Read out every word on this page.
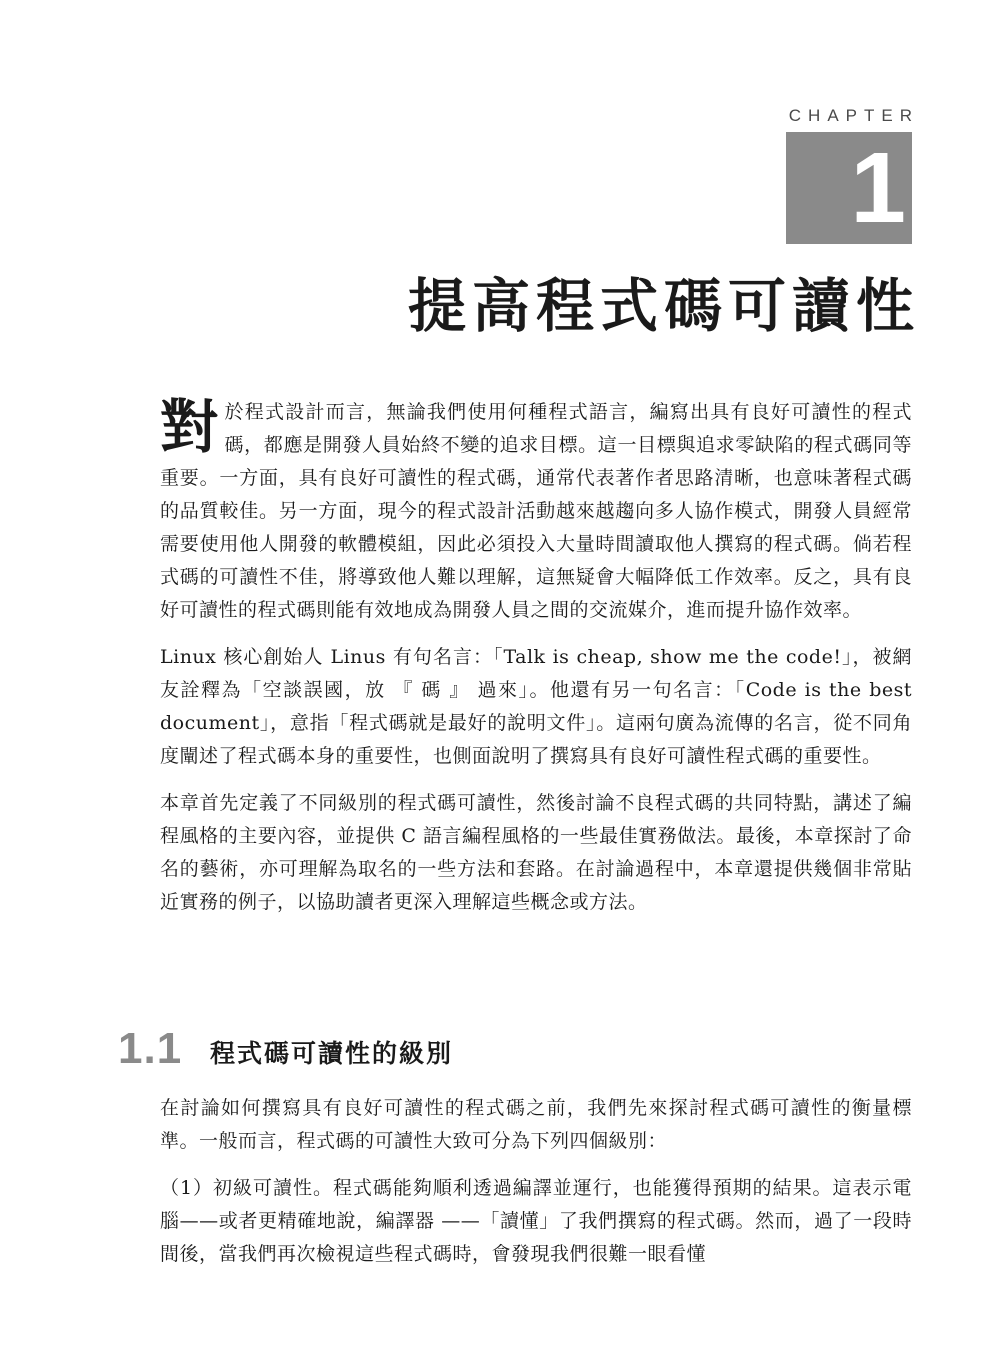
CHAPTER
1
提高程式碼可讀性

對於程式設計而言，無論我們使用何種程式語言，編寫出具有良好可讀性的程式碼，都應是開發人員始終不變的追求目標。這一目標與追求零缺陷的程式碼同等重要。一方面，具有良好可讀性的程式碼，通常代表著作者思路清晰，也意味著程式碼的品質較佳。另一方面，現今的程式設計活動越來越趨向多人協作模式，開發人員經常需要使用他人開發的軟體模組，因此必須投入大量時間讀取他人撰寫的程式碼。倘若程式碼的可讀性不佳，將導致他人難以理解，這無疑會大幅降低工作效率。反之，具有良好可讀性的程式碼則能有效地成為開發人員之間的交流媒介，進而提升協作效率。

Linux 核心創始人 Linus 有句名言：「Talk is cheap, show me the code!」，被網友詮釋為「空談誤國，放 『 碼 』 過來」。他還有另一句名言：「Code is the best document」，意指「程式碼就是最好的說明文件」。這兩句廣為流傳的名言，從不同角度闡述了程式碼本身的重要性，也側面說明了撰寫具有良好可讀性程式碼的重要性。

本章首先定義了不同級別的程式碼可讀性，然後討論不良程式碼的共同特點，講述了編程風格的主要內容，並提供 C 語言編程風格的一些最佳實務做法。最後，本章探討了命名的藝術，亦可理解為取名的一些方法和套路。在討論過程中，本章還提供幾個非常貼近實務的例子，以協助讀者更深入理解這些概念或方法。

1.1 程式碼可讀性的級別

在討論如何撰寫具有良好可讀性的程式碼之前，我們先來探討程式碼可讀性的衡量標準。一般而言，程式碼的可讀性大致可分為下列四個級別：

（1）初級可讀性。程式碼能夠順利透過編譯並運行，也能獲得預期的結果。這表示電腦——或者更精確地說，編譯器 ——「讀懂」了我們撰寫的程式碼。然而，過了一段時間後，當我們再次檢視這些程式碼時，會發現我們很難一眼看懂
